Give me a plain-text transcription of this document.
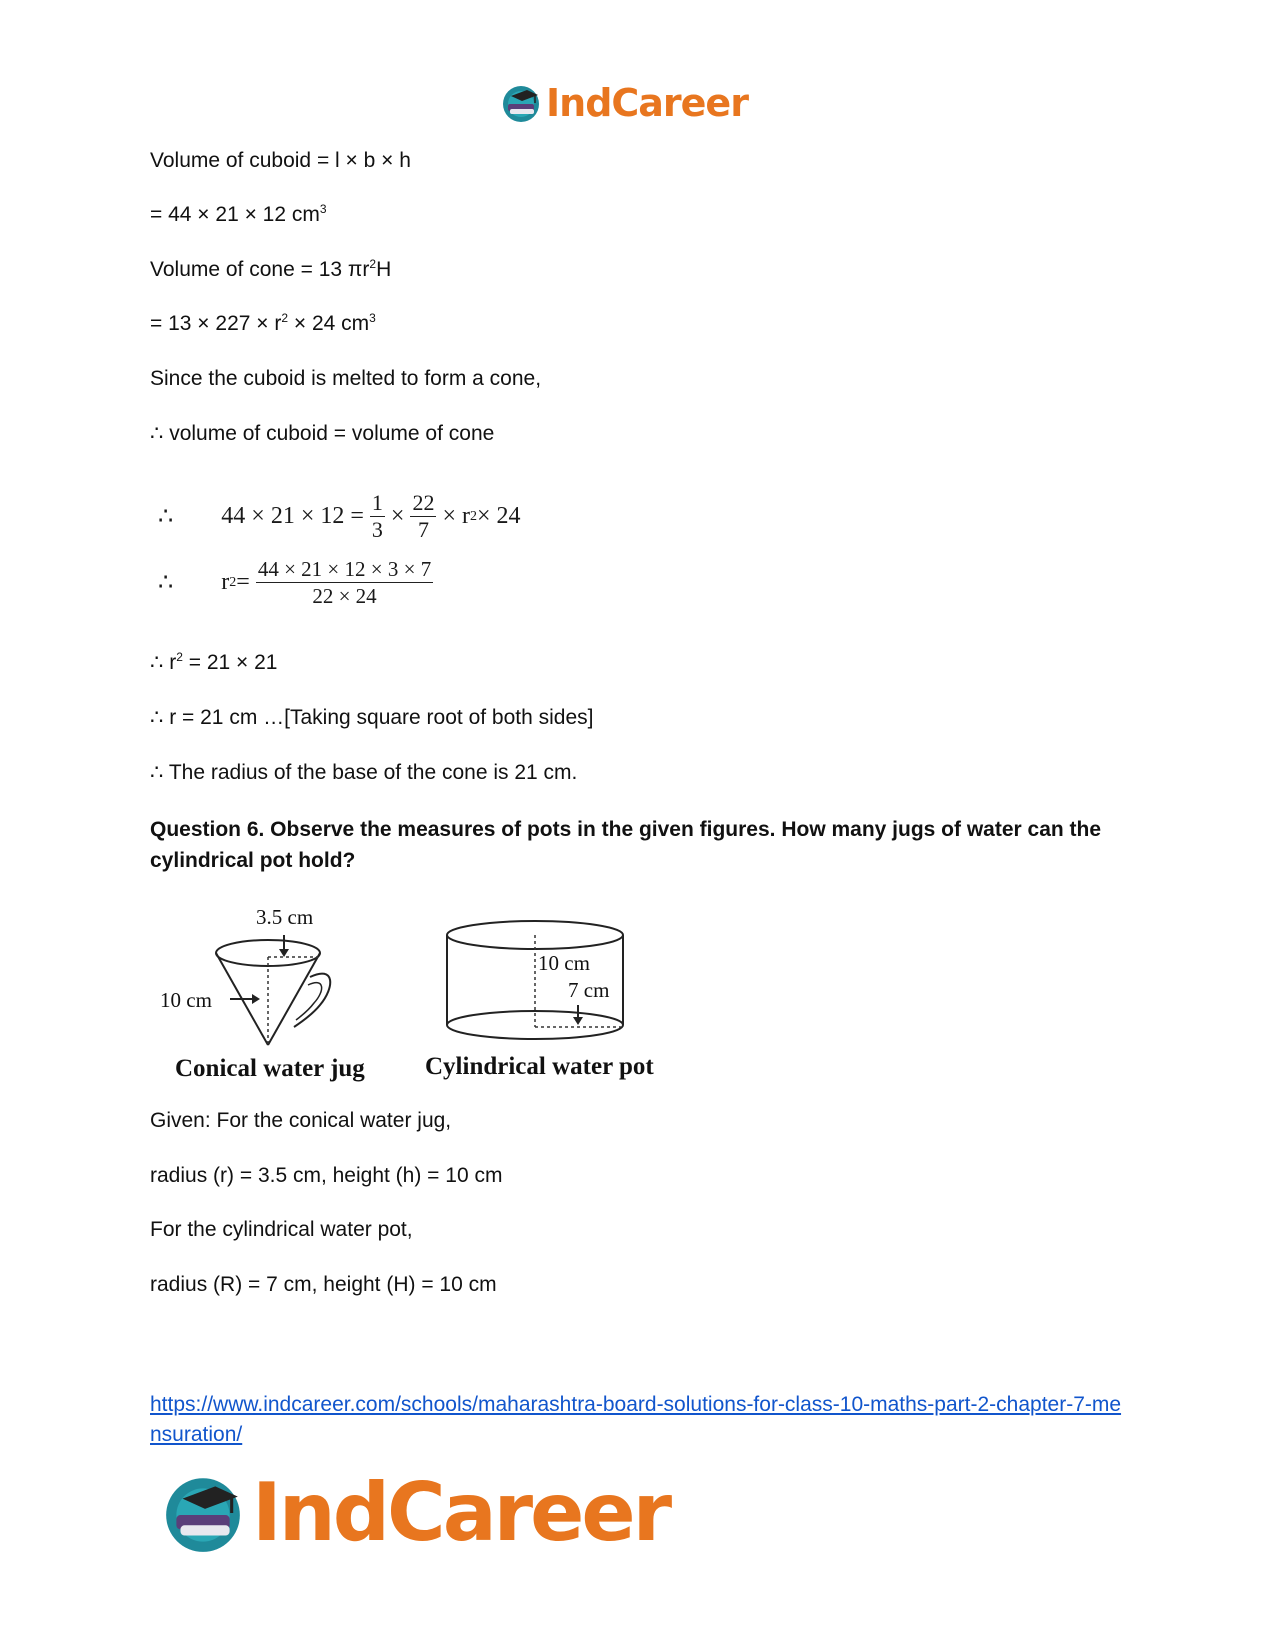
IndCareer
Volume of cuboid = l × b × h
= 44 × 21 × 12 $cm^3$
Volume of cone = 13 $\pi r^2H$
= $13 \times 227 \times r^2 \times 24$ $cm^3$
Since the cuboid is melted to form a cone,
∴ volume of cuboid = volume of cone
∴ $44 \times 21 \times 12 = \frac{1}{3} \times \frac{22}{7} \times r$ 2 × 24
∴ r $2 = \frac{44 \times 21 \times 12 \times 3 \times 7}{22 \times 24}$
∴ $r^2 = 21 \times 21$
∴ r = 21 cm …[Taking square root of both sides]
∴ The radius of the base of the cone is 21 cm.
Question 6. Observe the measures of pots in the given figures. How many jugs of water can the cylindrical pot hold?
3.5 cm
10 cm
Conical water jug
10 cm
7 cm
Cylindrical water pot
Given: For the conical water jug,
radius (r) = 3.5 cm, height (h) = 10 cm
For the cylindrical water pot,
radius (R) = 7 cm, height (H) = 10 cm
https://www.indcareer.com/schools/maharashtra-board-solutions-for-class-10-maths-part-2-chapter-7-mensuration/
IndCareer
